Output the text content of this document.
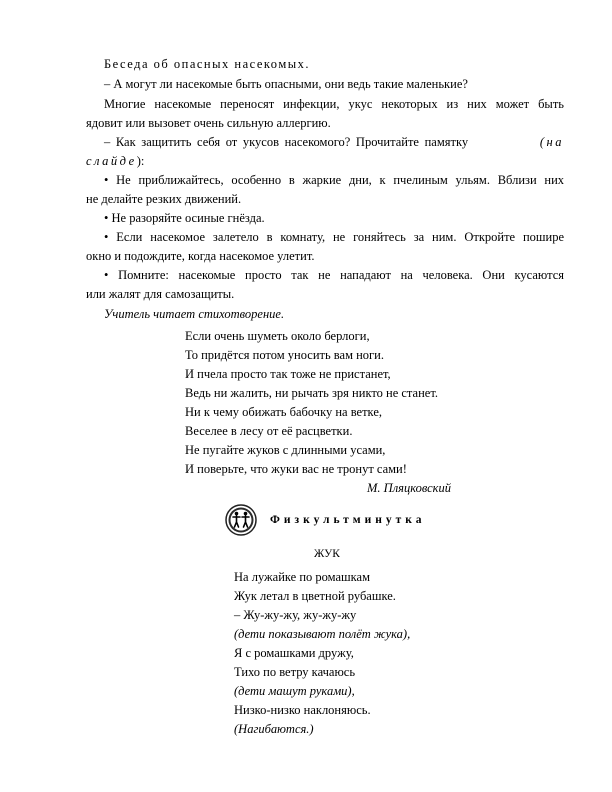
Беседа об опасных насекомых.
– А могут ли насекомые быть опасными, они ведь такие маленькие?
Многие насекомые переносят инфекции, укус некоторых из них может быть
ядовит или вызовет очень сильную аллергию.
– Как защитить себя от укусов насекомого? Прочитайте памятку	(на
слайде):
• Не приближайтесь, особенно в жаркие дни, к пчелиным ульям. Вблизи них
не делайте резких движений.
• Не разоряйте осиные гнёзда.
• Если насекомое залетело в комнату, не гоняйтесь за ним. Откройте пошире
окно и подождите, когда насекомое улетит.
• Помните: насекомые просто так не нападают на человека. Они кусаются
или жалят для самозащиты.
Учитель читает стихотворение.
Если очень шуметь около берлоги,
То придётся потом уносить вам ноги.
И пчела просто так тоже не пристанет,
Ведь ни жалить, ни рычать зря никто не станет.
Ни к чему обижать бабочку на ветке,
Веселее в лесу от её расцветки.
Не пугайте жуков с длинными усами,
И поверьте, что жуки вас не тронут сами!
М. Пляцковский
Физкультминутка
ЖУК
На лужайке по ромашкам
Жук летал в цветной рубашке.
– Жу-жу-жу, жу-жу-жу
(дети показывают полёт жука),
Я с ромашками дружу,
Тихо по ветру качаюсь
(дети машут руками),
Низко-низко наклоняюсь.
(Нагибаются.)
